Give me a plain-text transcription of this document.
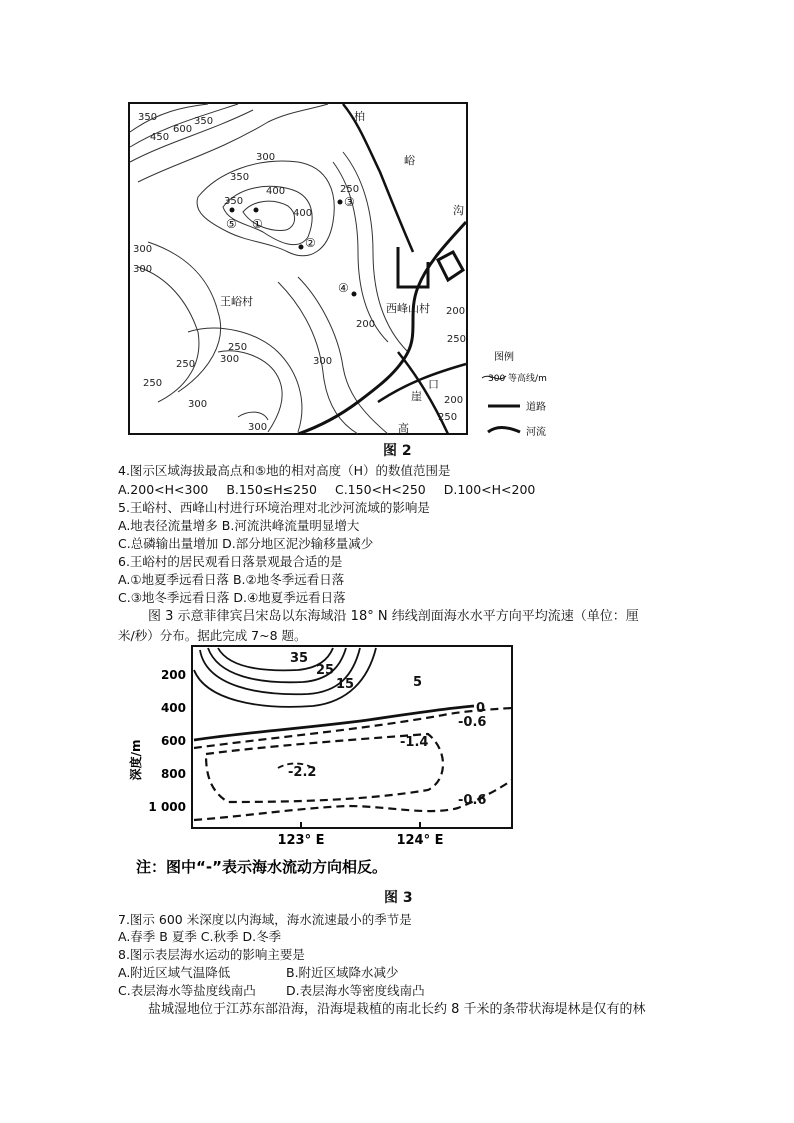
350
450
600
350
300
350
400	250
350
400
300
250
300
250	300
200
200
200
300
250
250
300
300
250
①
②
③
④
⑤
柏
峪
沟
王峪村
西峰山村
口
崖
高
图例
300 等高线/m
道路
河流
图 2
4.图示区域海拔最高点和⑤地的相对高度（H）的数值范围是
A.200<H<300 B.150≤H≤250 C.150<H<250 D.100<H<200
5.王峪村、西峰山村进行环境治理对北沙河流域的影响是
A.地表径流量增多 B.河流洪峰流量明显增大
C.总磷输出量增加 D.部分地区泥沙输移量减少
6.王峪村的居民观看日落景观最合适的是
A.①地夏季远看日落 B.②地冬季远看日落
C.③地冬季远看日落 D.④地夏季远看日落
图 3 示意菲律宾吕宋岛以东海域沿 18° N 纬线剖面海水水平方向平均流速（单位：厘
米/秒）分布。据此完成 7~8 题。
深度/m
200
400
600
800
1 000
35
25
15	5
0
-0.6
-1.4
-2.2
-0.6
123° E	124° E
注：图中“-”表示海水流动方向相反。
图 3
7.图示 600 米深度以内海域，海水流速最小的季节是
A.春季 B 夏季 C.秋季 D.冬季
8.图示表层海水运动的影响主要是
A.附近区域气温降低	B.附近区域降水减少
C.表层海水等盐度线南凸 D.表层海水等密度线南凸
盐城湿地位于江苏东部沿海，沿海堤栽植的南北长约 8 千米的条带状海堤林是仅有的林
